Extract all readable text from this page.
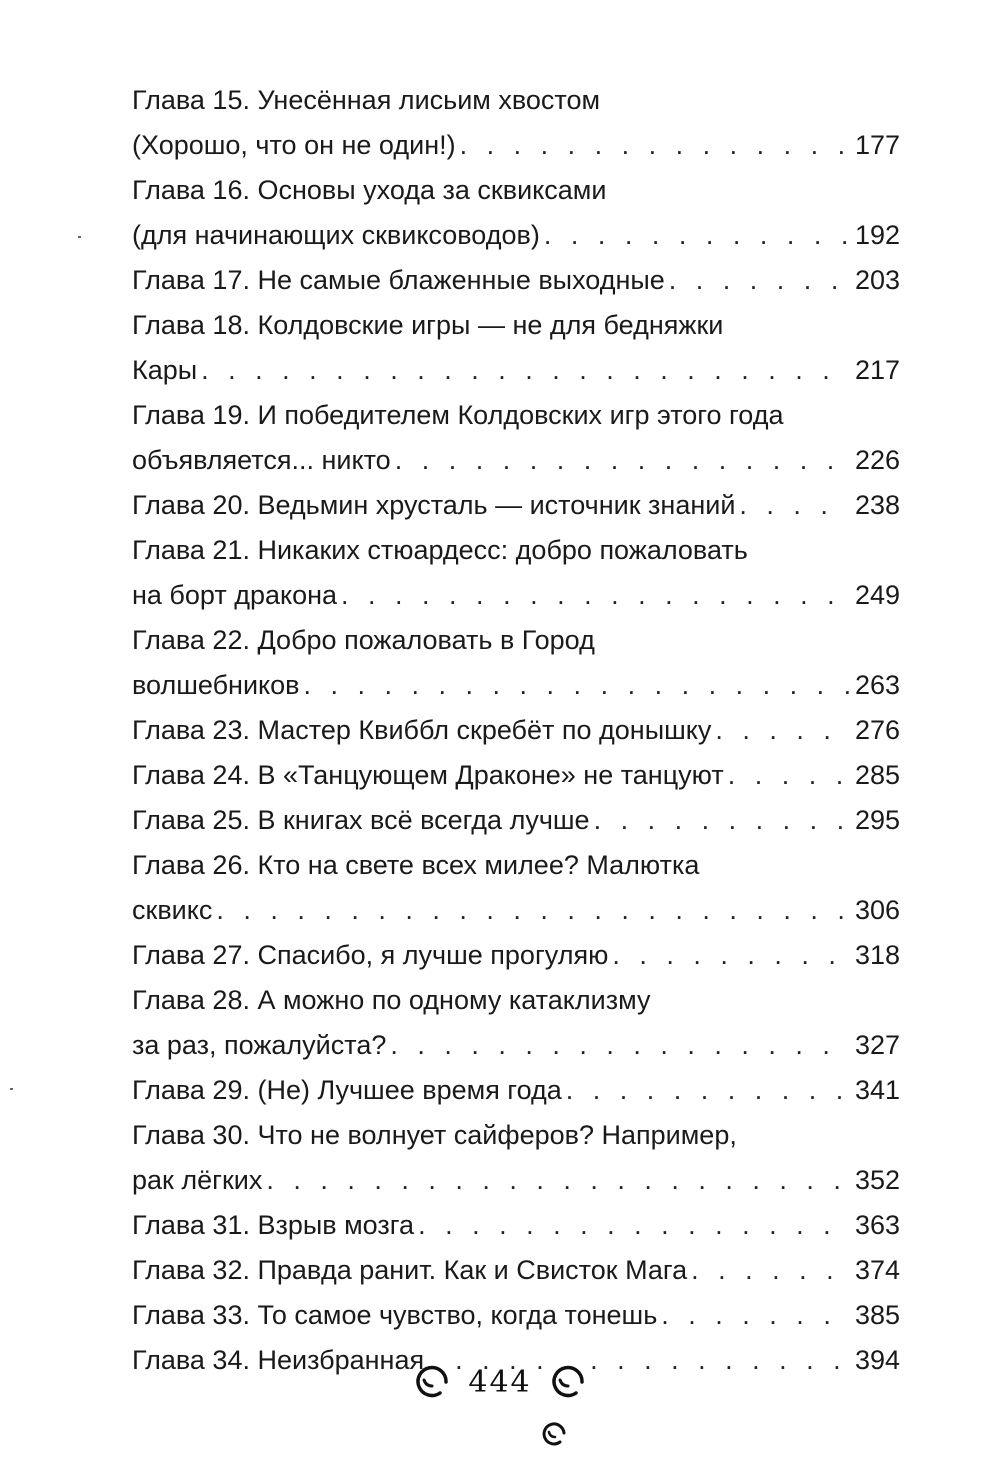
Глава 15. Унесённая лисьим хвостом
(Хорошо, что он не один!) . . .	177
Глава 16. Основы ухода за сквиксами
(для начинающих сквиксоводов) . . .	192
Глава 17. Не самые блаженные выходные . . .	203
Глава 18. Колдовские игры — не для бедняжки
Кары . . .	217
Глава 19. И победителем Колдовских игр этого года
объявляется... никто . . .	226
Глава 20. Ведьмин хрусталь — источник знаний . . .	238
Глава 21. Никаких стюардесс: добро пожаловать
на борт дракона . . .	249
Глава 22. Добро пожаловать в Город
волшебников . . .	263
Глава 23. Мастер Квиббл скребёт по донышку . . .	276
Глава 24. В «Танцующем Драконе» не танцуют . . .	285
Глава 25. В книгах всё всегда лучше . . .	295
Глава 26. Кто на свете всех милее? Малютка
сквикс . . .	306
Глава 27. Спасибо, я лучше прогуляю . . .	318
Глава 28. А можно по одному катаклизму
за раз, пожалуйста? . . .	327
Глава 29. (Не) Лучшее время года . . .	341
Глава 30. Что не волнует сайферов? Например,
рак лёгких . . .	352
Глава 31. Взрыв мозга . . .	363
Глава 32. Правда ранит. Как и Свисток Мага . . .	374
Глава 33. То самое чувство, когда тонешь . . .	385
Глава 34. Неизбранная . . .	394
444
